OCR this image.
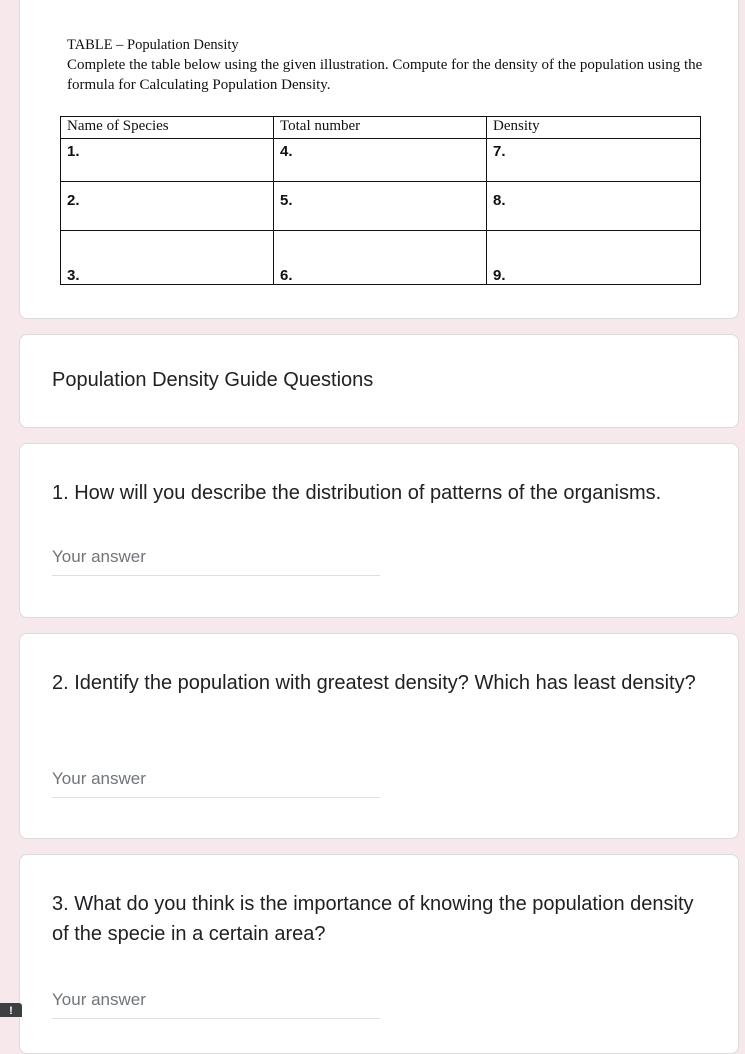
TABLE – Population Density

Complete the table below using the given illustration. Compute for the density of the population using the formula for Calculating Population Density.

Name of Species	Total number	Density
1.	4.	7.
2.	5.	8.
3.	6.	9.
Population Density Guide Questions

1. How will you describe the distribution of patterns of the organisms.

Your answer

2. Identify the population with greatest density? Which has least density?

Your answer

3. What do you think is the importance of knowing the population density of the specie in a certain area?

Your answer
!
